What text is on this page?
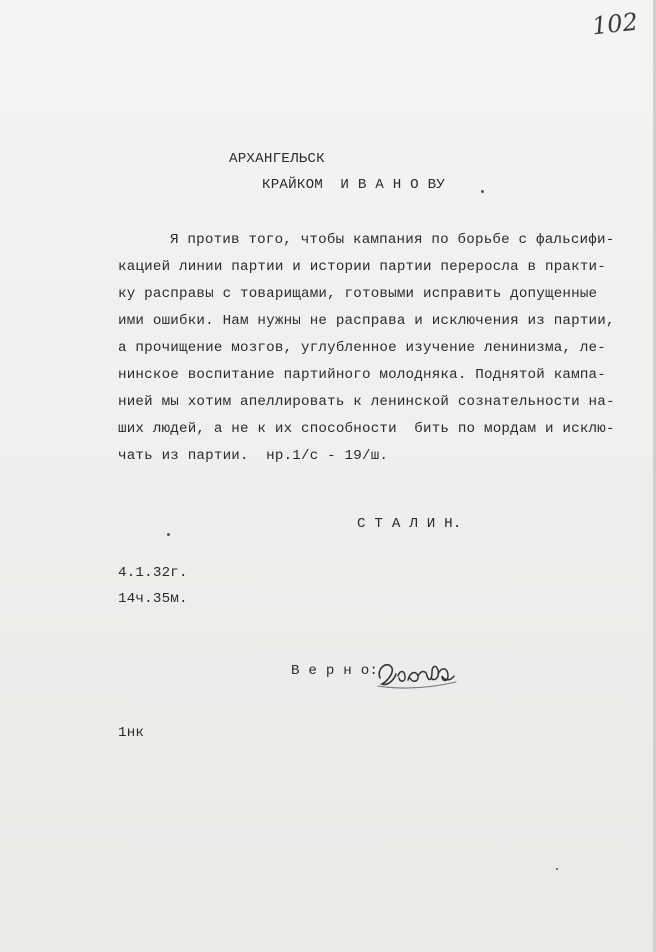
102
АРХАНГЕЛЬСК
КРАЙКОМ  И В А Н О ВУ
Я против того, чтобы кампания по борьбе с фальсифи-
кацией линии партии и истории партии переросла в практи-
ку расправы с товарищами, готовыми исправить допущенные
ими ошибки. Нам нужны не расправа и исключения из партии,
а прочищение мозгов, углубленное изучение ленинизма, ле-
нинское воспитание партийного молодняка. Поднятой кампа-
нией мы хотим апеллировать к ленинской сознательности на-
ших людей, а не к их способности  бить по мордам и исклю-
чать из партии.  нр.1/с - 19/ш.
С Т А Л И Н.
4.1.32г.
14ч.35м.
В е р н о:
1нк
